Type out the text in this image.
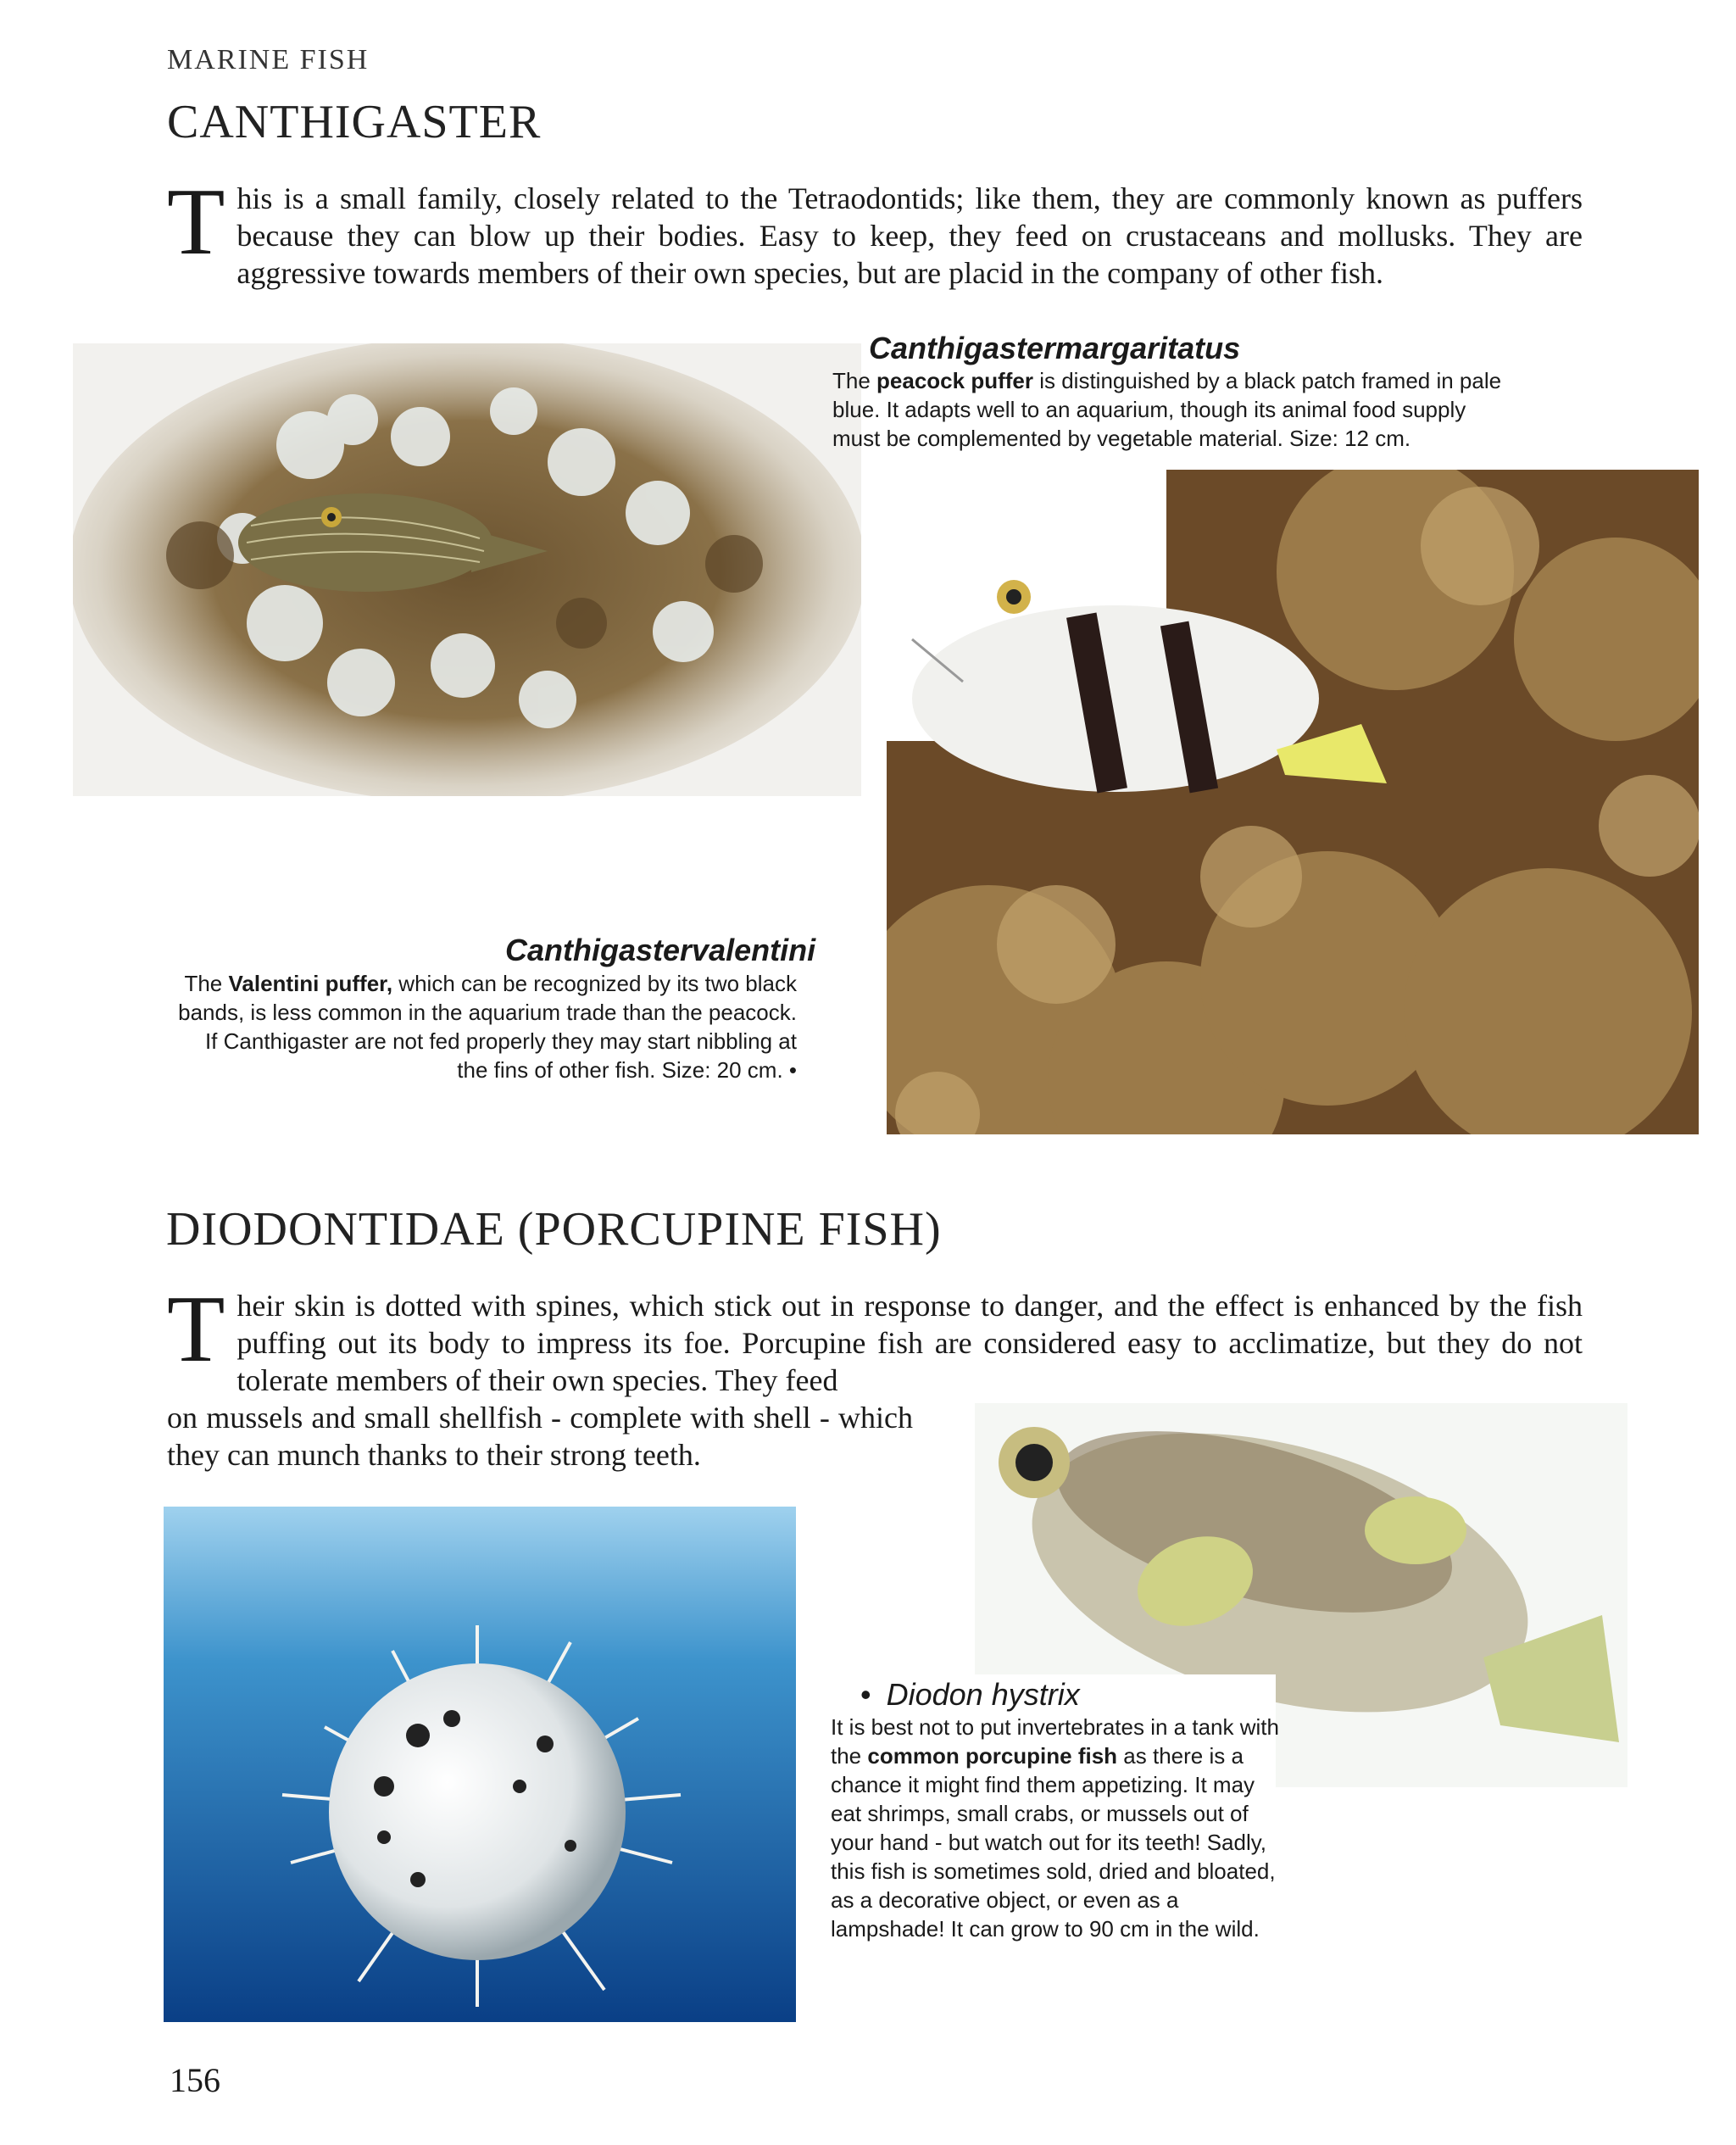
MARINE FISH
CANTHIGASTER
This is a small family, closely related to the Tetraodontids; like them, they are commonly known as puffers because they can blow up their bodies. Easy to keep, they feed on crustaceans and mollusks. They are aggressive towards members of their own species, but are placid in the company of other fish.
Canthigastermargaritatus
The peacock puffer is distinguished by a black patch framed in pale blue. It adapts well to an aquarium, though its animal food supply must be complemented by vegetable material. Size: 12 cm.
Canthigastervalentini
The Valentini puffer, which can be recognized by its two black bands, is less common in the aquarium trade than the peacock. If Canthigaster are not fed properly they may start nibbling at the fins of other fish. Size: 20 cm. •
DIODONTIDAE (PORCUPINE FISH)
Their skin is dotted with spines, which stick out in response to danger, and the effect is enhanced by the fish puffing out its body to impress its foe. Porcupine fish are considered easy to acclimatize, but they do not tolerate members of their own species. They feed
on mussels and small shellfish - complete with shell - which they can munch thanks to their strong teeth.
• Diodon hystrix
It is best not to put invertebrates in a tank with the common porcupine fish as there is a chance it might find them appetizing. It may eat shrimps, small crabs, or mussels out of your hand - but watch out for its teeth! Sadly, this fish is sometimes sold, dried and bloated, as a decorative object, or even as a lampshade! It can grow to 90 cm in the wild.
156
